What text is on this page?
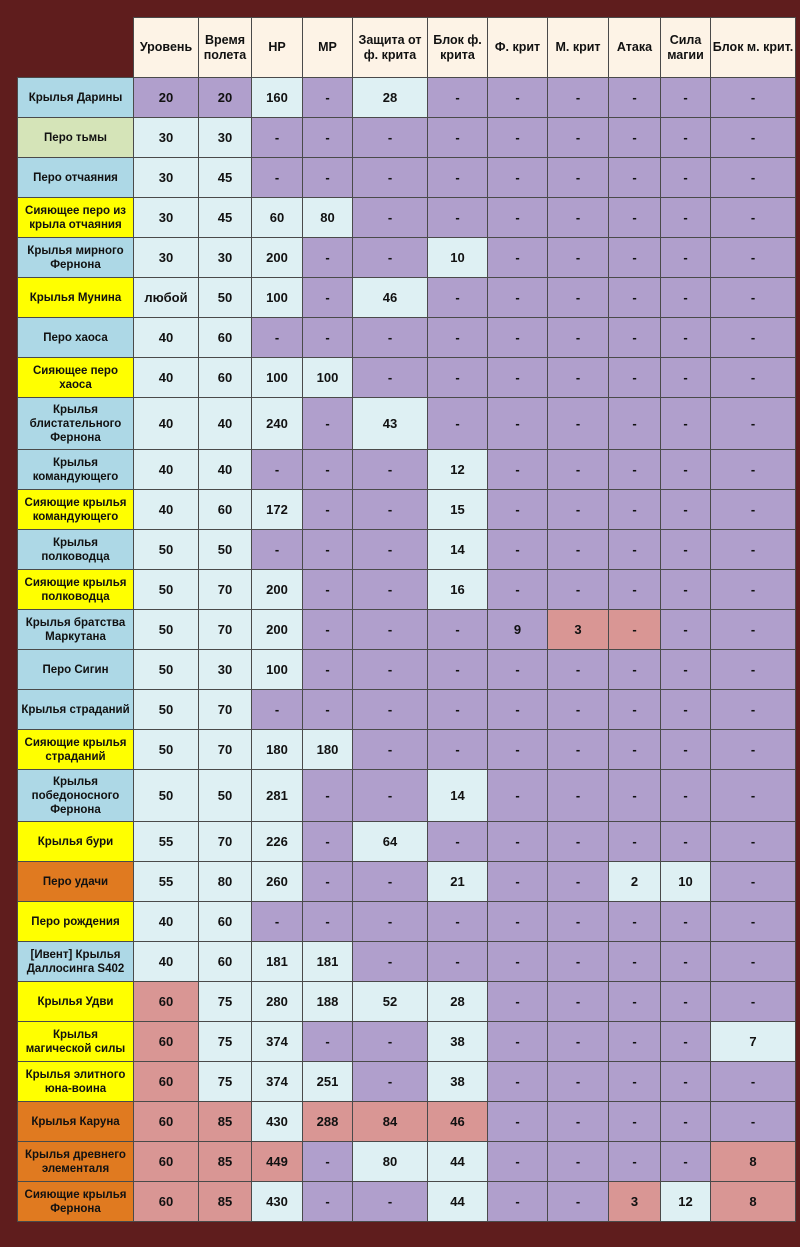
	Уровень	Время полета	HP	MP	Защита от ф. крита	Блок ф. крита	Ф. крит	М. крит	Атака	Сила магии	Блок м. крит.
Крылья Дарины	20	20	160	-	28	-	-	-	-	-	-
Перо тьмы	30	30	-	-	-	-	-	-	-	-	-
Перо отчаяния	30	45	-	-	-	-	-	-	-	-	-
Сияющее перо из крыла отчаяния	30	45	60	80	-	-	-	-	-	-	-
Крылья мирного Фернона	30	30	200	-	-	10	-	-	-	-	-
Крылья Мунина	любой	50	100	-	46	-	-	-	-	-	-
Перо хаоса	40	60	-	-	-	-	-	-	-	-	-
Сияющее перо хаоса	40	60	100	100	-	-	-	-	-	-	-
Крылья блистательного Фернона	40	40	240	-	43	-	-	-	-	-	-
Крылья командующего	40	40	-	-	-	12	-	-	-	-	-
Сияющие крылья командующего	40	60	172	-	-	15	-	-	-	-	-
Крылья полководца	50	50	-	-	-	14	-	-	-	-	-
Сияющие крылья полководца	50	70	200	-	-	16	-	-	-	-	-
Крылья братства Маркутана	50	70	200	-	-	-	9	3	-	-	-
Перо Сигин	50	30	100	-	-	-	-	-	-	-	-
Крылья страданий	50	70	-	-	-	-	-	-	-	-	-
Сияющие крылья страданий	50	70	180	180	-	-	-	-	-	-	-
Крылья победоносного Фернона	50	50	281	-	-	14	-	-	-	-	-
Крылья бури	55	70	226	-	64	-	-	-	-	-	-
Перо удачи	55	80	260	-	-	21	-	-	2	10	-
Перо рождения	40	60	-	-	-	-	-	-	-	-	-
[Ивент] Крылья Даллосинга S402	40	60	181	181	-	-	-	-	-	-	-
Крылья Удви	60	75	280	188	52	28	-	-	-	-	-
Крылья магической силы	60	75	374	-	-	38	-	-	-	-	7
Крылья элитного юна-воина	60	75	374	251	-	38	-	-	-	-	-
Крылья Каруна	60	85	430	288	84	46	-	-	-	-	-
Крылья древнего элементаля	60	85	449	-	80	44	-	-	-	-	8
Сияющие крылья Фернона	60	85	430	-	-	44	-	-	3	12	8
